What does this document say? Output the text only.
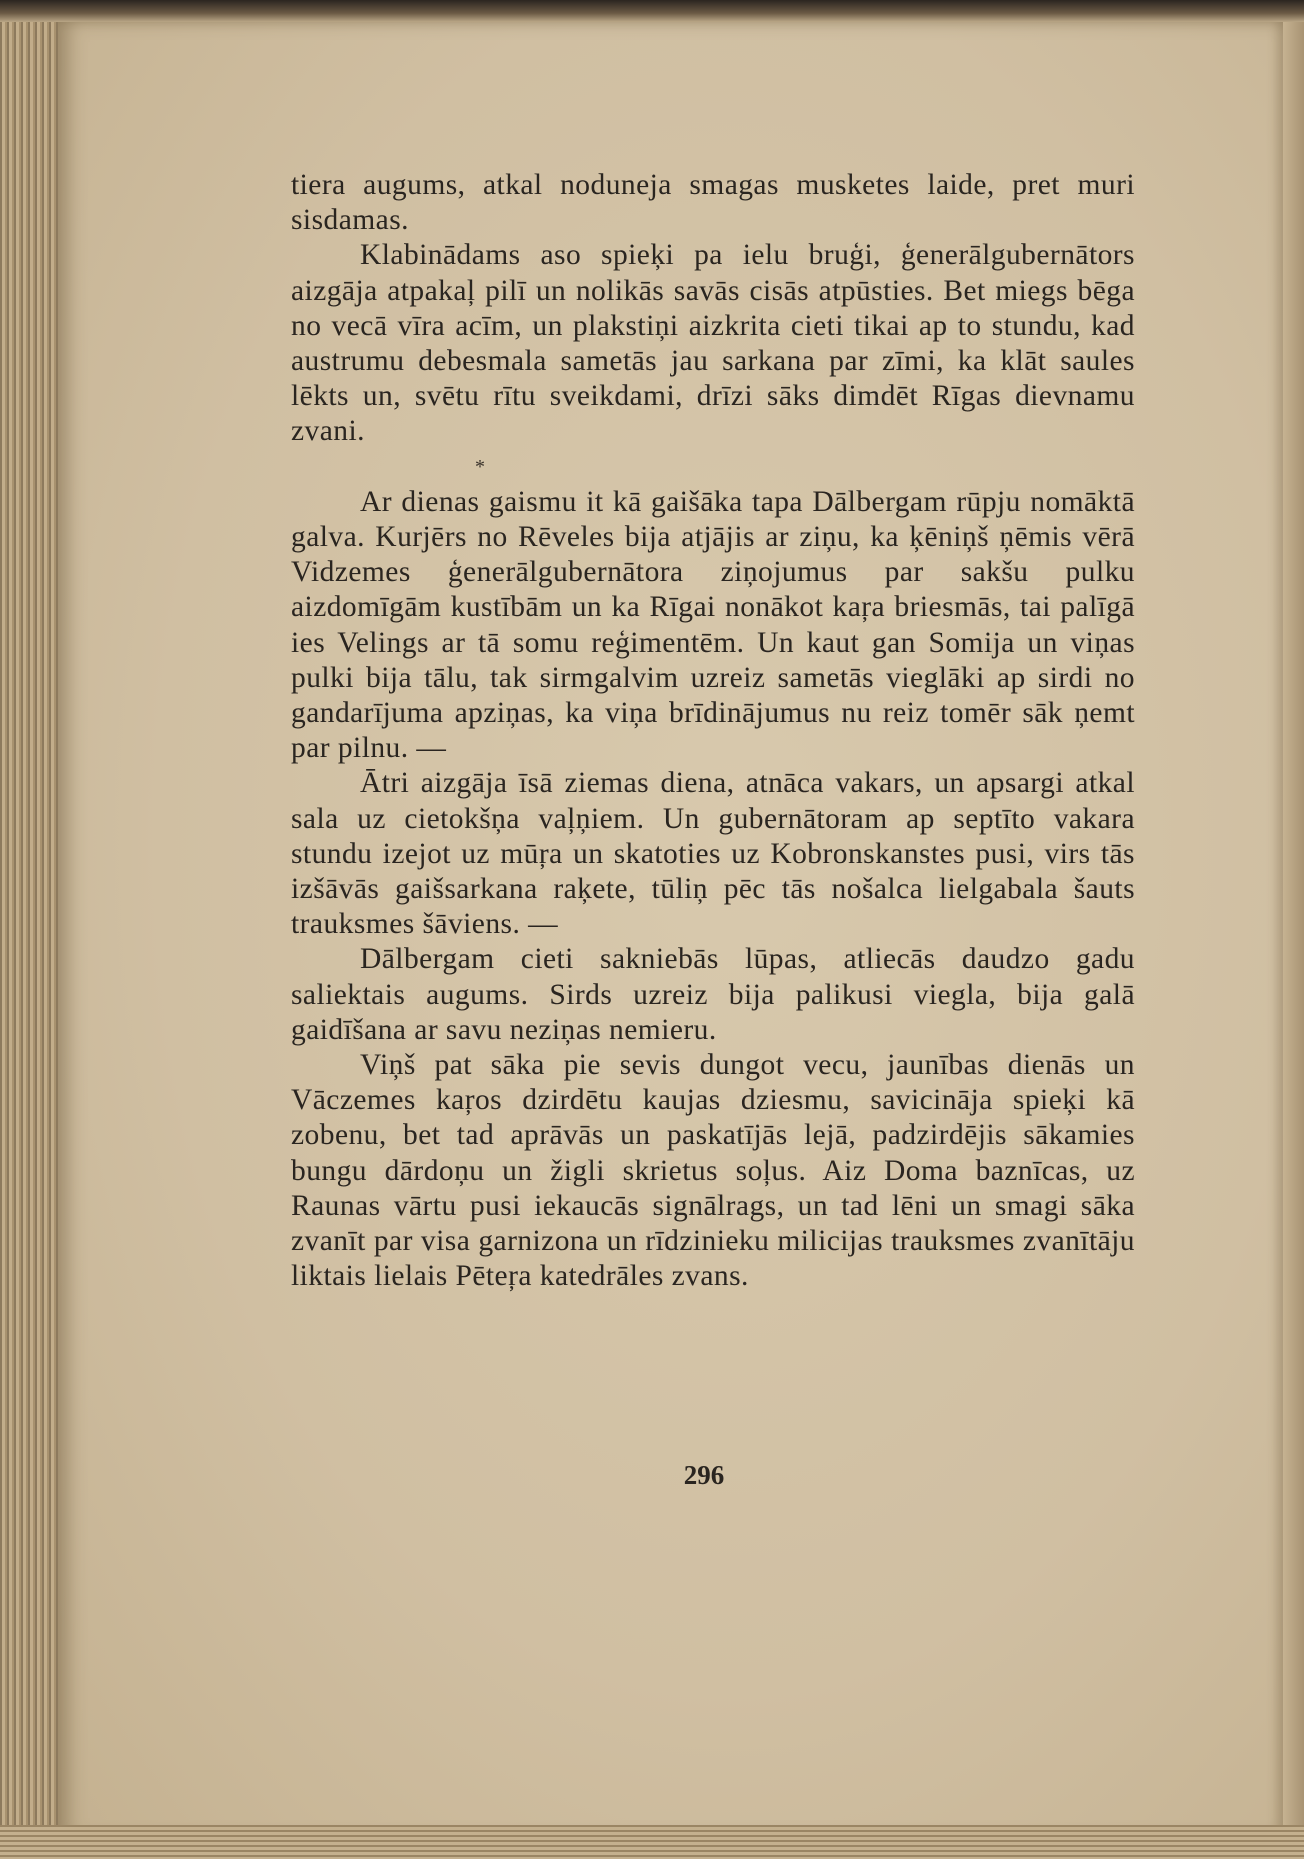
tiera augums, atkal noduneja smagas musketes laide, pret muri sisdamas.

Klabinādams aso spieķi pa ielu bruģi, ģenerālgubernātors aizgāja atpakaļ pilī un nolikās savās cisās atpūsties. Bet miegs bēga no vecā vīra acīm, un plakstiņi aizkrita cieti tikai ap to stundu, kad austrumu debesmala sametās jau sarkana par zīmi, ka klāt saules lēkts un, svētu rītu sveikdami, drīzi sāks dimdēt Rīgas dievnamu zvani.

*

Ar dienas gaismu it kā gaišāka tapa Dālbergam rūpju nomāktā galva. Kurjērs no Rēveles bija atjājis ar ziņu, ka ķēniņš ņēmis vērā Vidzemes ģenerālgubernātora ziņojumus par sakšu pulku aizdomīgām kustībām un ka Rīgai nonākot kaŗa briesmās, tai palīgā ies Velings ar tā somu reģimentēm. Un kaut gan Somija un viņas pulki bija tālu, tak sirmgalvim uzreiz sametās vieglāki ap sirdi no gandarījuma apziņas, ka viņa brīdinājumus nu reiz tomēr sāk ņemt par pilnu. —

Ātri aizgāja īsā ziemas diena, atnāca vakars, un apsargi atkal sala uz cietokšņa vaļņiem. Un gubernātoram ap septīto vakara stundu izejot uz mūŗa un skatoties uz Kobronskanstes pusi, virs tās izšāvās gaišsarkana raķete, tūliņ pēc tās nošalca lielgabala šauts trauksmes šāviens. —

Dālbergam cieti sakniebās lūpas, atliecās daudzo gadu saliektais augums. Sirds uzreiz bija palikusi viegla, bija galā gaidīšana ar savu neziņas nemieru.

Viņš pat sāka pie sevis dungot vecu, jaunības dienās un Vāczemes kaŗos dzirdētu kaujas dziesmu, savicināja spieķi kā zobenu, bet tad aprāvās un paskatījās lejā, padzirdējis sākamies bungu dārdoņu un žigli skrietus soļus. Aiz Doma baznīcas, uz Raunas vārtu pusi iekaucās signālrags, un tad lēni un smagi sāka zvanīt par visa garnizona un rīdzinieku milicijas trauksmes zvanītāju liktais lielais Pēteŗa katedrāles zvans.

296
